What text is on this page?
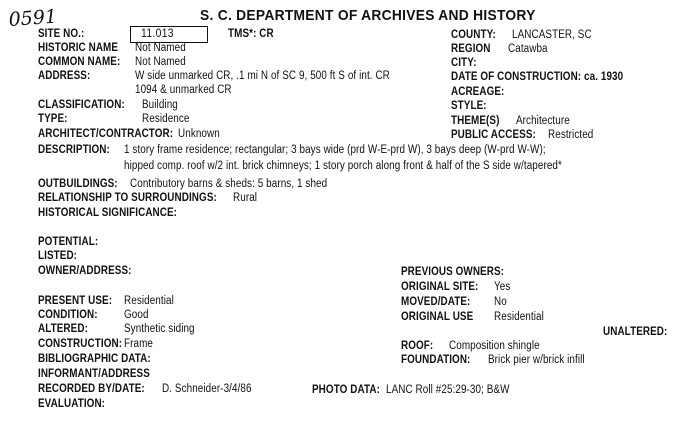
0591	S. C. DEPARTMENT OF ARCHIVES AND HISTORY
SITE NO.:	11.013	TMS*: CR	COUNTY: LANCASTER, SC
HISTORIC NAME Not Named	REGION Catawba
COMMON NAME: Not Named	CITY:
ADDRESS:	W side unmarked CR, .1 mi N of SC 9, 500 ft S of int. CR
1094 & unmarked CR
DATE OF CONSTRUCTION: ca. 1930
ACREAGE:
CLASSIFICATION: Building	STYLE:
TYPE:	Residence	THEME(S) Architecture
ARCHITECT/CONTRACTOR: Unknown	PUBLIC ACCESS: Restricted
DESCRIPTION: 1 story frame residence; rectangular; 3 bays wide (prd W-E-prd W), 3 bays deep (W-prd W-W);
hipped comp. roof w/2 int. brick chimneys; 1 story porch along front & half of the S side w/tapered*
OUTBUILDINGS: Contributory barns & sheds: 5 barns, 1 shed
RELATIONSHIP TO SURROUNDINGS: Rural
HISTORICAL SIGNIFICANCE:
POTENTIAL:
LISTED:
OWNER/ADDRESS:	PREVIOUS OWNERS:
ORIGINAL SITE: Yes
PRESENT USE: Residential	MOVED/DATE: No
CONDITION: Good	ORIGINAL USE Residential
ALTERED:	Synthetic siding	UNALTERED:
CONSTRUCTION: Frame	ROOF: Composition shingle
BIBLIOGRAPHIC DATA:	FOUNDATION: Brick pier w/brick infill
INFORMANT/ADDRESS
RECORDED BY/DATE: D. Schneider-3/4/86	PHOTO DATA: LANC Roll #25:29-30; B&W
EVALUATION:
